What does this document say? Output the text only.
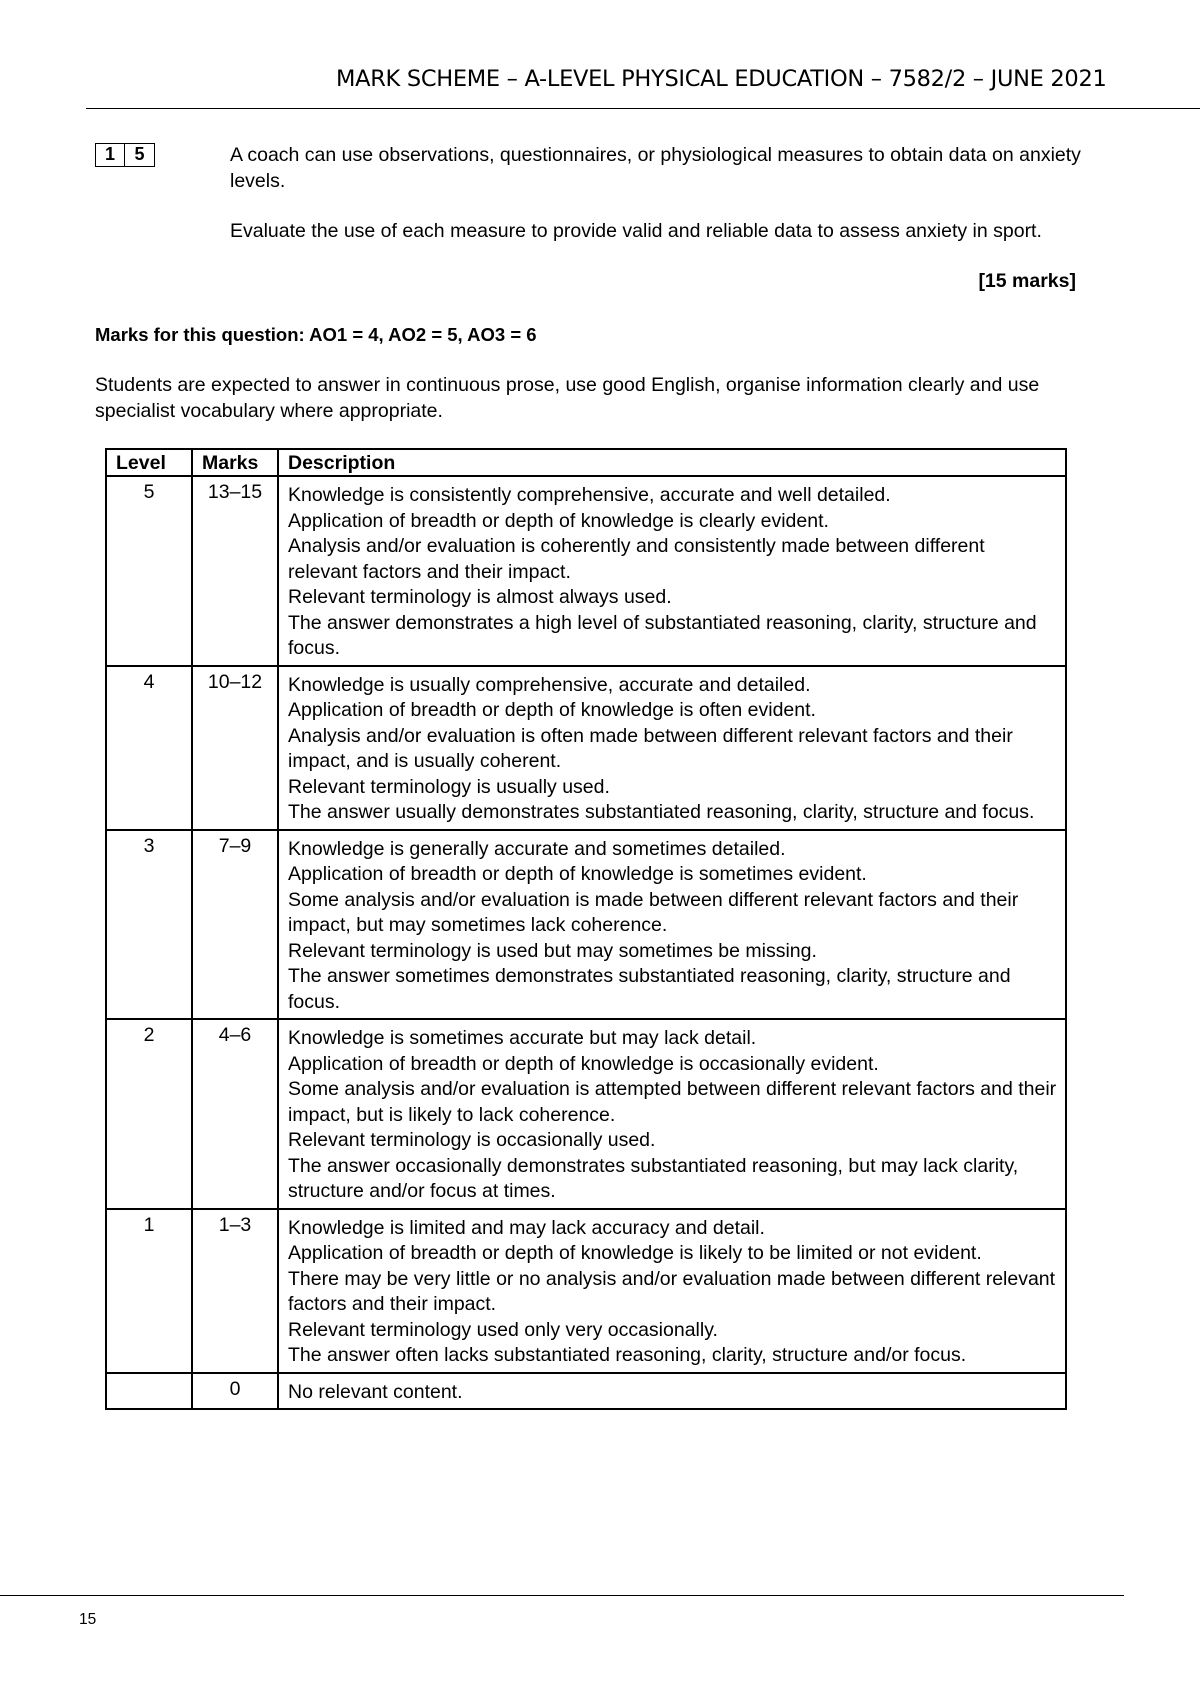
MARK SCHEME – A-LEVEL PHYSICAL EDUCATION – 7582/2 – JUNE 2021
1	5	A coach can use observations, questionnaires, or physiological measures to obtain data on anxiety levels.

Evaluate the use of each measure to provide valid and reliable data to assess anxiety in sport.

[15 marks]
Marks for this question: AO1 = 4, AO2 = 5, AO3 = 6
Students are expected to answer in continuous prose, use good English, organise information clearly and use specialist vocabulary where appropriate.
Level	Marks	Description
5	13–15	Knowledge is consistently comprehensive, accurate and well detailed.
Application of breadth or depth of knowledge is clearly evident.
Analysis and/or evaluation is coherently and consistently made between different relevant factors and their impact.
Relevant terminology is almost always used.
The answer demonstrates a high level of substantiated reasoning, clarity, structure and focus.

4	10–12	Knowledge is usually comprehensive, accurate and detailed.
Application of breadth or depth of knowledge is often evident.
Analysis and/or evaluation is often made between different relevant factors and their impact, and is usually coherent.
Relevant terminology is usually used.
The answer usually demonstrates substantiated reasoning, clarity, structure and focus.

3	7–9	Knowledge is generally accurate and sometimes detailed.
Application of breadth or depth of knowledge is sometimes evident.
Some analysis and/or evaluation is made between different relevant factors and their impact, but may sometimes lack coherence.
Relevant terminology is used but may sometimes be missing.
The answer sometimes demonstrates substantiated reasoning, clarity, structure and focus.

2	4–6	Knowledge is sometimes accurate but may lack detail.
Application of breadth or depth of knowledge is occasionally evident.
Some analysis and/or evaluation is attempted between different relevant factors and their impact, but is likely to lack coherence.
Relevant terminology is occasionally used.
The answer occasionally demonstrates substantiated reasoning, but may lack clarity, structure and/or focus at times.

1	1–3	Knowledge is limited and may lack accuracy and detail.
Application of breadth or depth of knowledge is likely to be limited or not evident.
There may be very little or no analysis and/or evaluation made between different relevant factors and their impact.
Relevant terminology used only very occasionally.
The answer often lacks substantiated reasoning, clarity, structure and/or focus.

	0	No relevant content.
15
